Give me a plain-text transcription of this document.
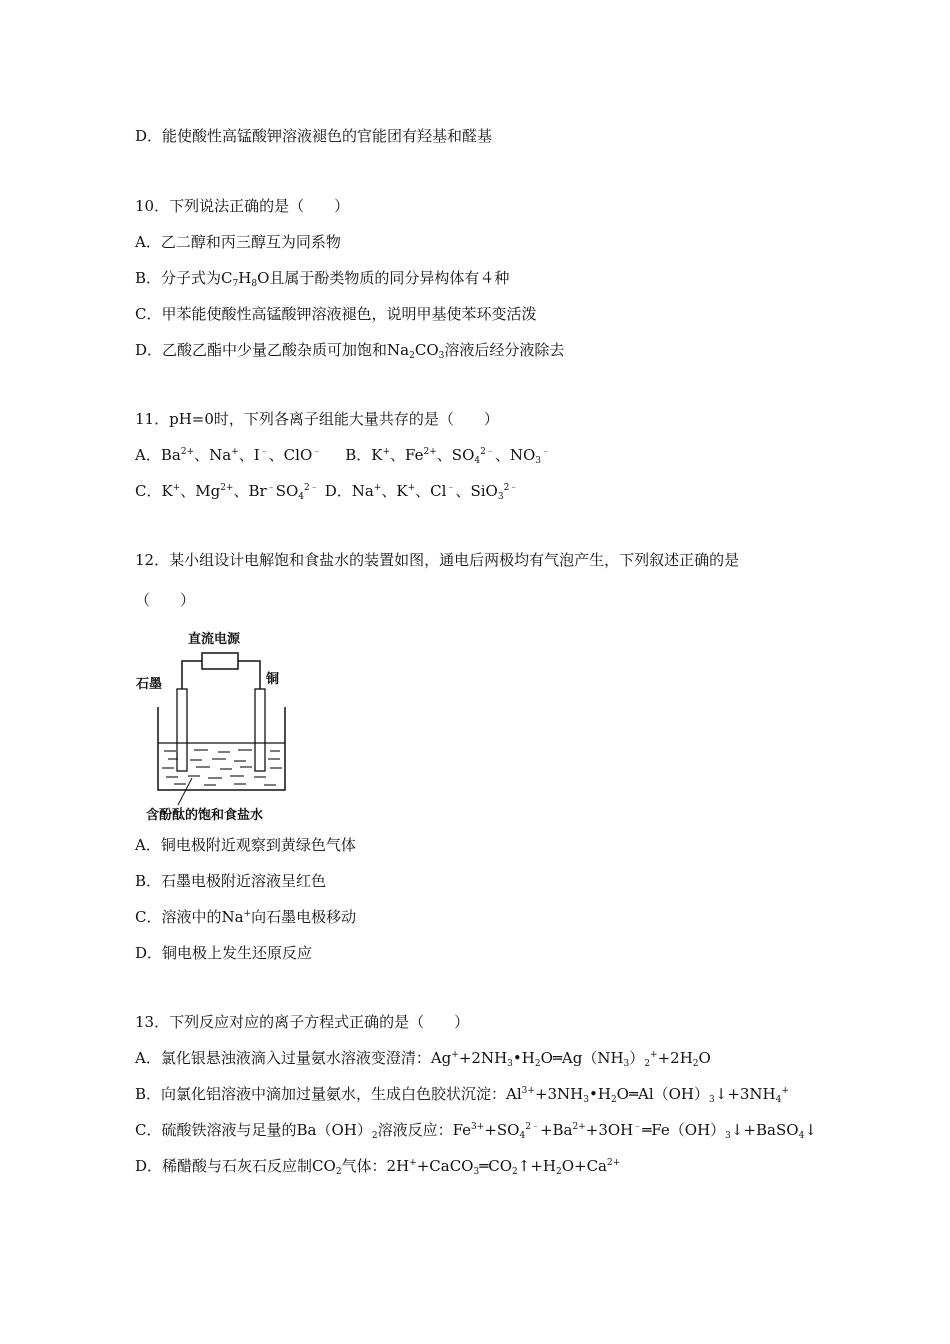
D．能使酸性高锰酸钾溶液褪色的官能团有羟基和醛基
10．下列说法正确的是（　　）
A．乙二醇和丙三醇互为同系物
B．分子式为$C_7H_8O$且属于酚类物质的同分异构体有４种
C．甲苯能使酸性高锰酸钾溶液褪色，说明甲基使苯环变活泼
D．乙酸乙酯中少量乙酸杂质可加饱和$Na_2CO_3$溶液后经分液除去
11．pH=0时，下列各离子组能大量共存的是（　　）
A．$Ba^{2+}$、Na+、I﹣、ClO﹣ B．K+、$Fe^{2+}$、$SO_4^{2﹣}$、$NO_3^﹣$
C．K+、$Mg^{2+}$、$Br^﹣SO_4^{2﹣}$ D．Na+、K+、Cl﹣、SiO$_3^{2﹣}$
12．某小组设计电解饱和食盐水的装置如图，通电后两极均有气泡产生，下列叙述正确的是
（　　）
直流电源
石墨	铜
含酚酞的饱和食盐水
A．铜电极附近观察到黄绿色气体
B．石墨电极附近溶液呈红色
C．溶液中的Na+向石墨电极移动
D．铜电极上发生还原反应
13．下列反应对应的离子方程式正确的是（　　）
A．氯化银悬浊液滴入过量氨水溶液变澄清：$Ag^++2NH_3•H_2O═Ag(NH_3)_2^++2H_2O$
B．向氯化铝溶液中滴加过量氨水，生成白色胶状沉淀：$Al^{3+}+3NH_3•H_2O═Al(OH)_3↓+3NH_4^+$
C．硫酸铁溶液与足量的$Ba(OH)_2$溶液反应：$Fe^{3+}+SO_4^{2﹣}+Ba^{2+}+3OH^﹣═Fe(OH)_3↓+BaSO_4↓$
D．稀醋酸与石灰石反应制$CO_2$气体：$2H^++CaCO_3═CO_2↑+H_2O+Ca^{2+}$
